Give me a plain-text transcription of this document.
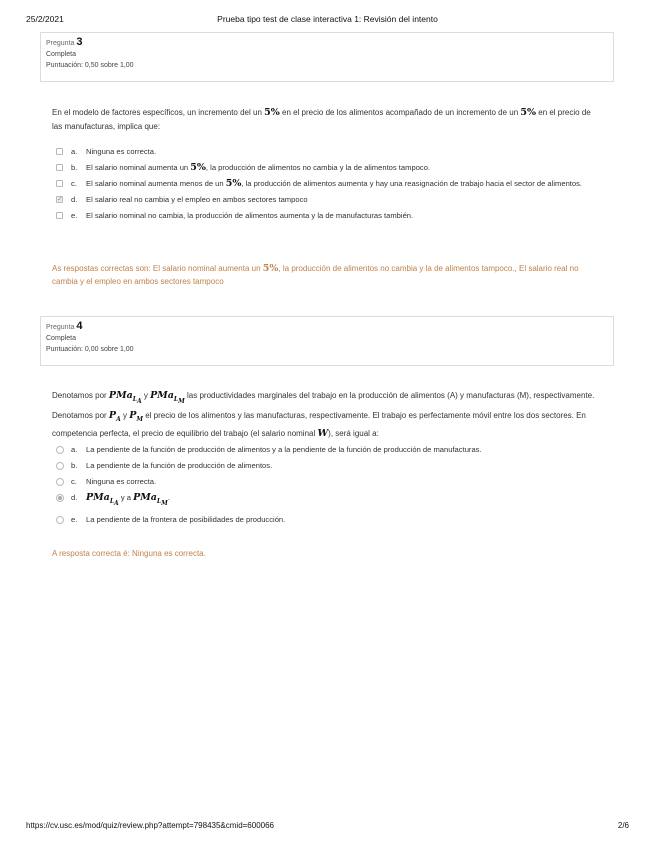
25/2/2021	Prueba tipo test de clase interactiva 1: Revisión del intento
Pregunta 3
Completa
Puntuación: 0,50 sobre 1,00
En el modelo de factores específicos, un incremento del un 5% en el precio de los alimentos acompañado de un incremento de un 5% en el precio de las manufacturas, implica que:
a. Ninguna es correcta.
b. El salario nominal aumenta un 5%, la producción de alimentos no cambia y la de alimentos tampoco.
c. El salario nominal aumenta menos de un 5%, la producción de alimentos aumenta y hay una reasignación de trabajo hacia el sector de alimentos.
✓
d. El salario real no cambia y el empleo en ambos sectores tampoco
e. El salario nominal no cambia, la producción de alimentos aumenta y la de manufacturas también.
As respostas correctas son: El salario nominal aumenta un 5%, la producción de alimentos no cambia y la de alimentos tampoco., El salario real no cambia y el empleo en ambos sectores tampoco
Pregunta 4
Completa
Puntuación: 0,00 sobre 1,00
Denotamos por PMa$_{L_A}$ y PMa$_{L_M}$ las productividades marginales del trabajo en la producción de alimentos (A) y manufacturas (M), respectivamente. Denotamos por $P_A$ y $P_M$ el precio de los alimentos y las manufacturas, respectivamente. El trabajo es perfectamente móvil entre los dos sectores. En competencia perfecta, el precio de equilibrio del trabajo (el salario nominal W), será igual a:
a. La pendiente de la función de producción de alimentos y a la pendiente de la función de producción de manufacturas.
b. La pendiente de la función de producción de alimentos.
c. Ninguna es correcta.
d. PMa$_{L_A}$ y a PMa$_{L_M}$.
e. La pendiente de la frontera de posibilidades de producción.
A resposta correcta é: Ninguna es correcta.
https://cv.usc.es/mod/quiz/review.php?attempt=798435&cmid=600066	2/6
